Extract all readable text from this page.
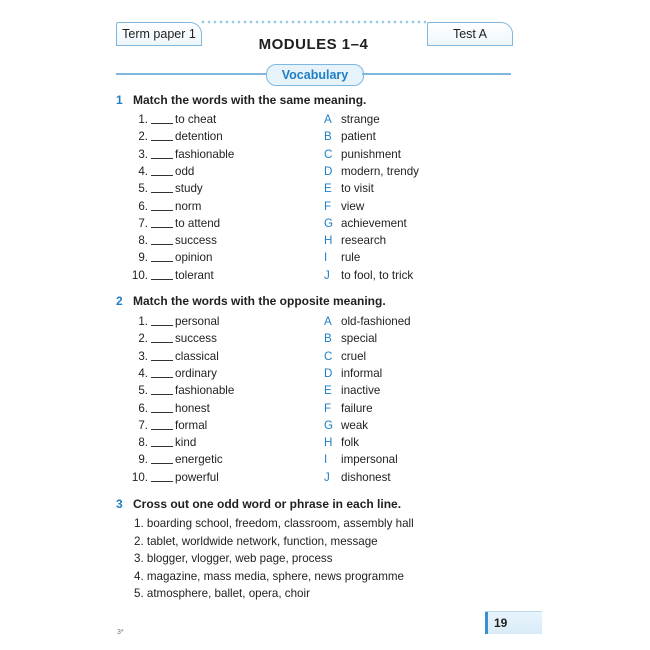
Term paper 1
MODULES 1–4
Test A
Vocabulary
1 Match the words with the same meaning.
1. to cheat	A strange
2. detention	B patient
3. fashionable	C punishment
4. odd	D modern, trendy
5. study	E to visit
6. norm	F view
7. to attend	G achievement
8. success	H research
9. opinion	I rule
10. tolerant	J to fool, to trick
2 Match the words with the opposite meaning.
1. personal	A old-fashioned
2. success	B special
3. classical	C cruel
4. ordinary	D informal
5. fashionable	E inactive
6. honest	F failure
7. formal	G weak
8. kind	H folk
9. energetic	I impersonal
10. powerful	J dishonest
3 Cross out one odd word or phrase in each line.
1. boarding school, freedom, classroom, assembly hall
2. tablet, worldwide network, function, message
3. blogger, vlogger, web page, process
4. magazine, mass media, sphere, news programme
5. atmosphere, ballet, opera, choir
19
3*
